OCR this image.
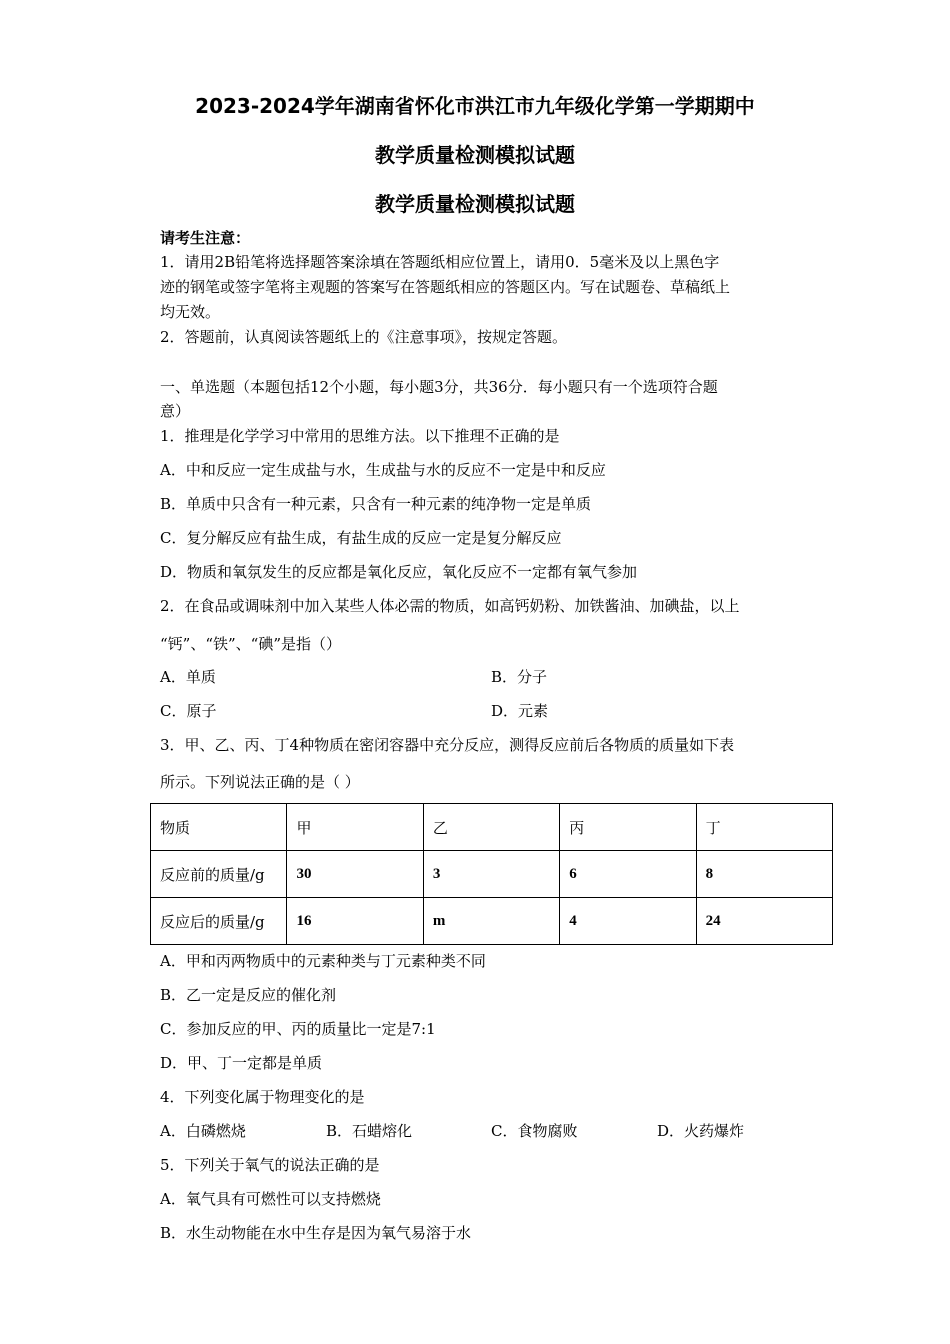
2023-2024学年湖南省怀化市洪江市九年级化学第一学期期中
教学质量检测模拟试题
教学质量检测模拟试题
请考生注意：
1．请用2B铅笔将选择题答案涂填在答题纸相应位置上，请用0．5毫米及以上黑色字
迹的钢笔或签字笔将主观题的答案写在答题纸相应的答题区内。写在试题卷、草稿纸上
均无效。
2．答题前，认真阅读答题纸上的《注意事项》，按规定答题。
一、单选题（本题包括12个小题，每小题3分，共36分．每小题只有一个选项符合题
意）
1．推理是化学学习中常用的思维方法。以下推理不正确的是
A．中和反应一定生成盐与水，生成盐与水的反应不一定是中和反应
B．单质中只含有一种元素，只含有一种元素的纯净物一定是单质
C．复分解反应有盐生成，有盐生成的反应一定是复分解反应
D．物质和氧氛发生的反应都是氧化反应，氧化反应不一定都有氧气参加
2．在食品或调味剂中加入某些人体必需的物质，如高钙奶粉、加铁酱油、加碘盐，以上
“钙”、“铁”、“碘”是指（）
A．单质	B．分子
C．原子	D．元素
3．甲、乙、丙、丁4种物质在密闭容器中充分反应，测得反应前后各物质的质量如下表
所示。下列说法正确的是（ ）
物质	甲	乙	丙	丁
反应前的质量/g	30	3	6	8
反应后的质量/g	16	m	4	24
A．甲和丙两物质中的元素种类与丁元素种类不同
B．乙一定是反应的催化剂
C．参加反应的甲、丙的质量比一定是7:1
D．甲、丁一定都是单质
4．下列变化属于物理变化的是
A．白磷燃烧	B．石蜡熔化	C．食物腐败	D．火药爆炸
5．下列关于氧气的说法正确的是
A．氧气具有可燃性可以支持燃烧
B．水生动物能在水中生存是因为氧气易溶于水
